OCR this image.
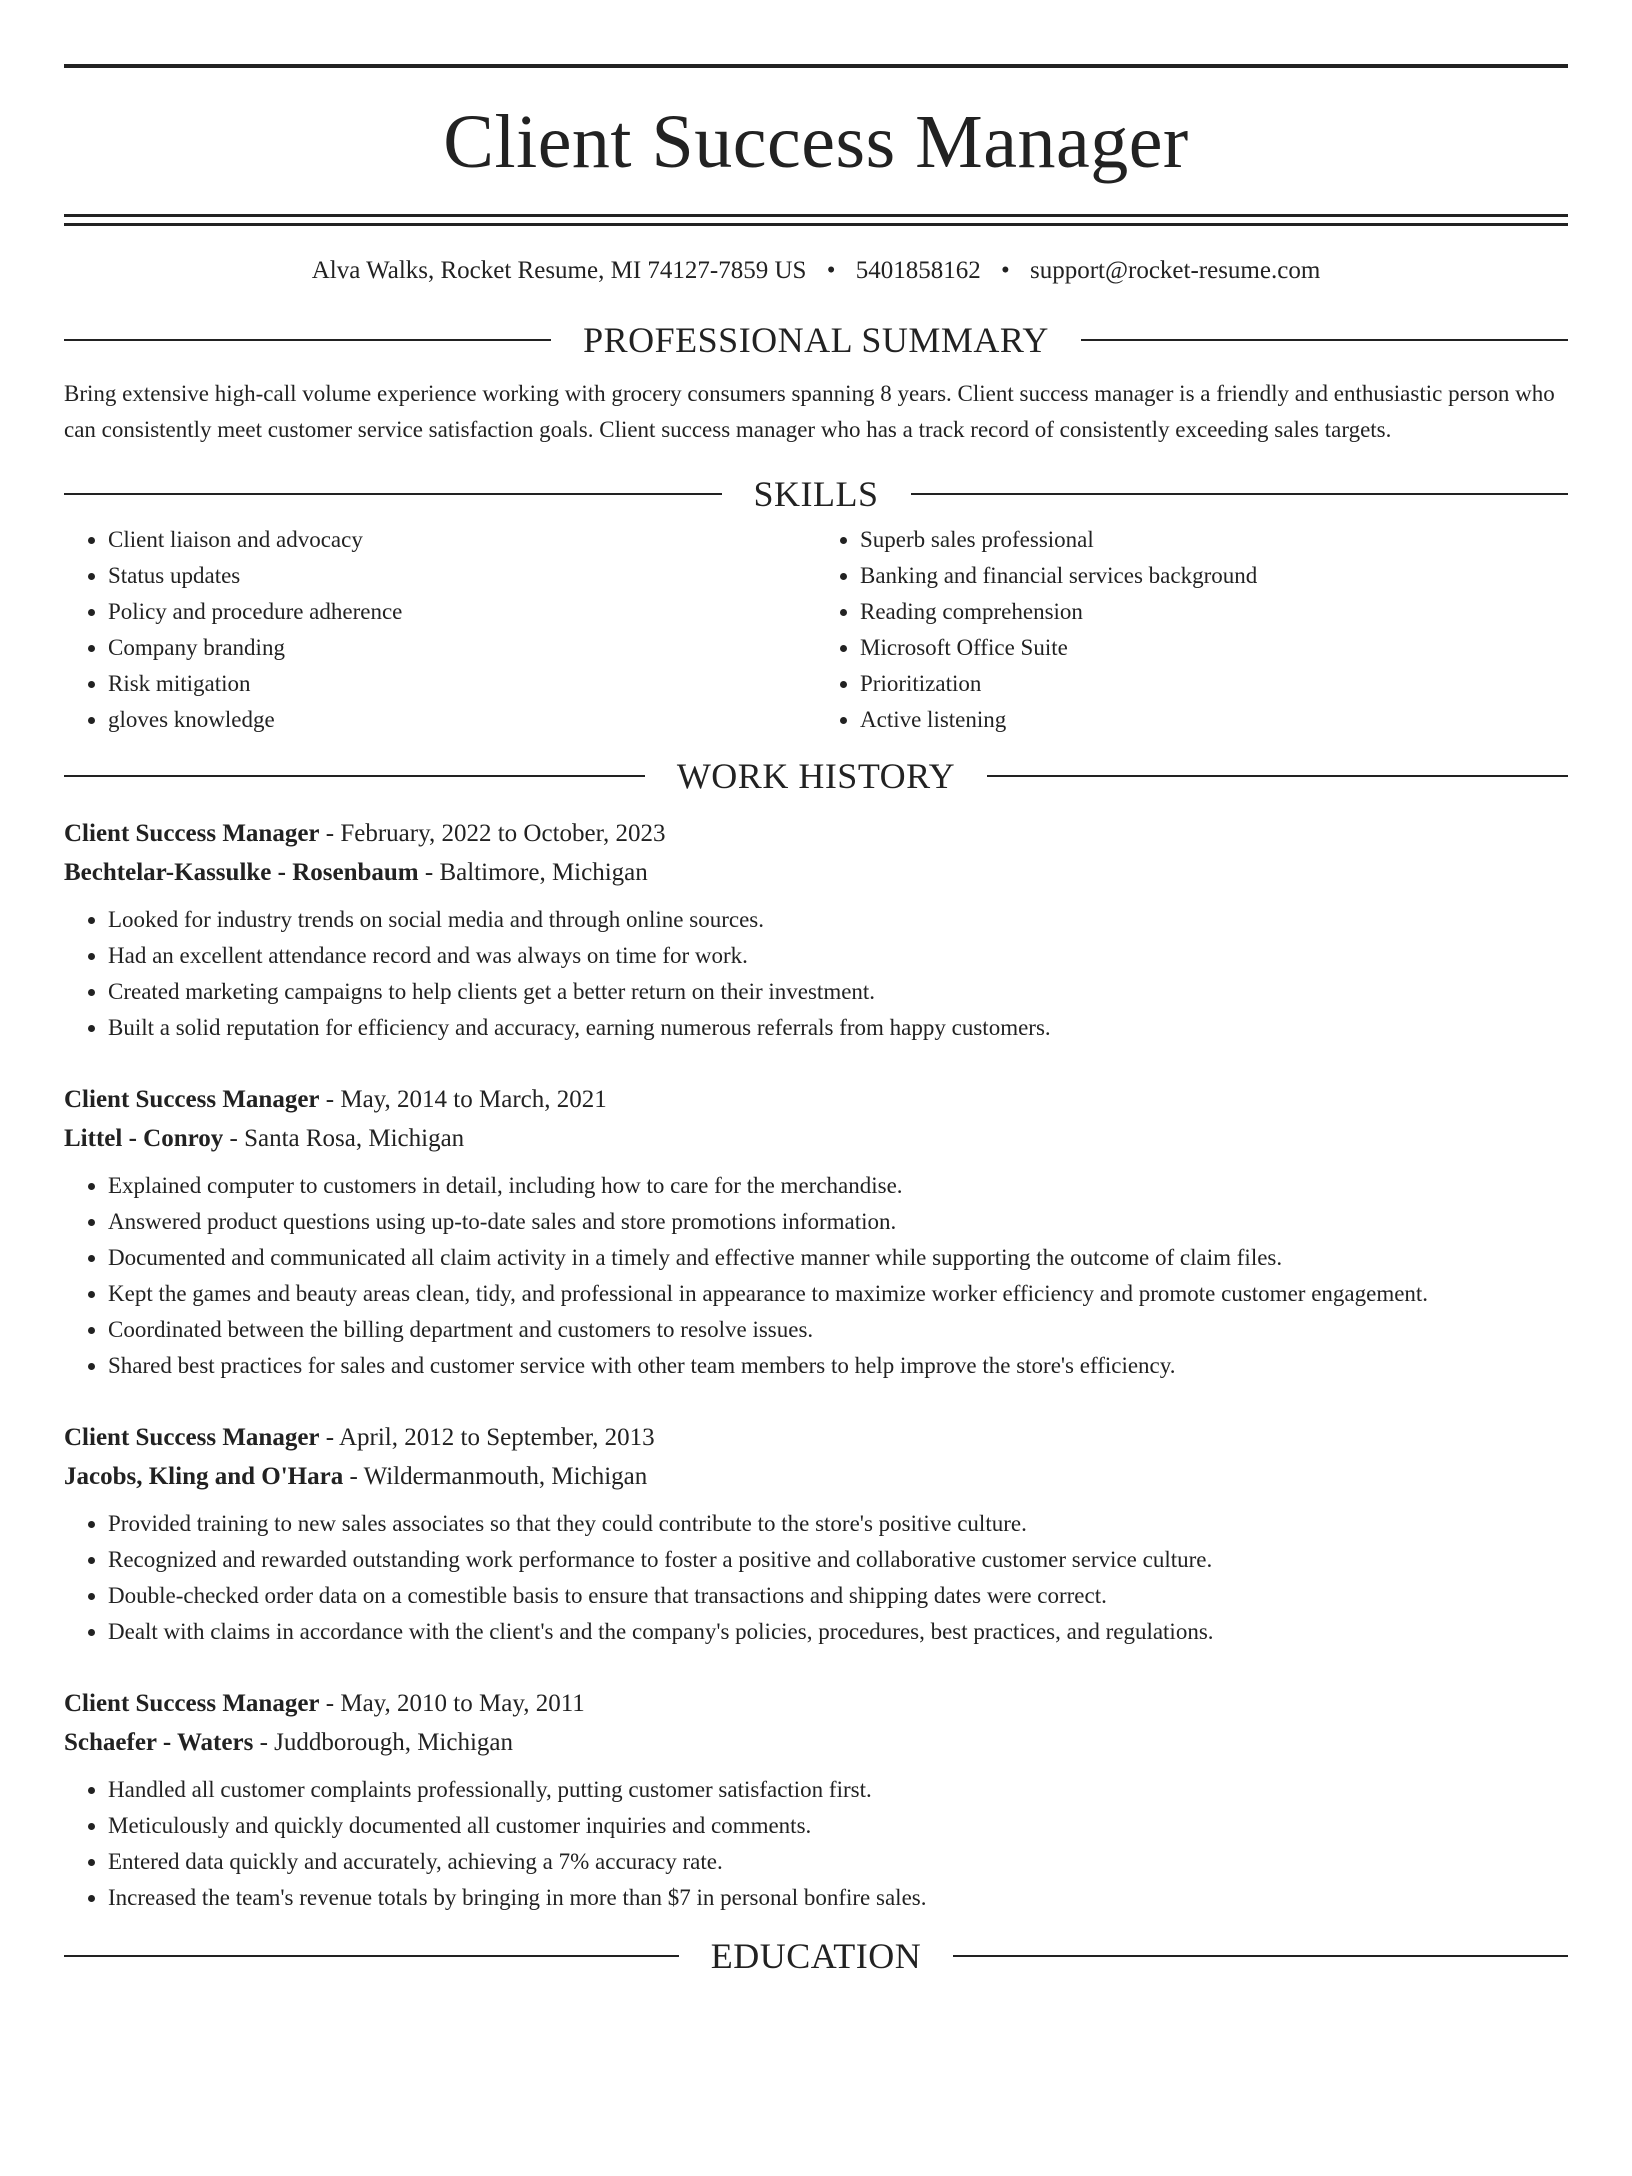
Client Success Manager
Alva Walks, Rocket Resume, MI 74127-7859 US • 5401858162 • support@rocket-resume.com
PROFESSIONAL SUMMARY

Bring extensive high-call volume experience working with grocery consumers spanning 8 years. Client success manager is a friendly and enthusiastic person who can consistently meet customer service satisfaction goals. Client success manager who has a track record of consistently exceeding sales targets.

SKILLS
• Client liaison and advocacy
• Status updates
• Policy and procedure adherence
• Company branding
• Risk mitigation
• gloves knowledge
• Superb sales professional
• Banking and financial services background
• Reading comprehension
• Microsoft Office Suite
• Prioritization
• Active listening
WORK HISTORY
Client Success Manager - February, 2022 to October, 2023
Bechtelar-Kassulke - Rosenbaum - Baltimore, Michigan
• Looked for industry trends on social media and through online sources.
• Had an excellent attendance record and was always on time for work.
• Created marketing campaigns to help clients get a better return on their investment.
• Built a solid reputation for efficiency and accuracy, earning numerous referrals from happy customers.
Client Success Manager - May, 2014 to March, 2021
Littel - Conroy - Santa Rosa, Michigan
• Explained computer to customers in detail, including how to care for the merchandise.
• Answered product questions using up-to-date sales and store promotions information.
• Documented and communicated all claim activity in a timely and effective manner while supporting the outcome of claim files.
• Kept the games and beauty areas clean, tidy, and professional in appearance to maximize worker efficiency and promote customer engagement.
• Coordinated between the billing department and customers to resolve issues.
• Shared best practices for sales and customer service with other team members to help improve the store's efficiency.
Client Success Manager - April, 2012 to September, 2013
Jacobs, Kling and O'Hara - Wildermanmouth, Michigan
• Provided training to new sales associates so that they could contribute to the store's positive culture.
• Recognized and rewarded outstanding work performance to foster a positive and collaborative customer service culture.
• Double-checked order data on a comestible basis to ensure that transactions and shipping dates were correct.
• Dealt with claims in accordance with the client's and the company's policies, procedures, best practices, and regulations.
Client Success Manager - May, 2010 to May, 2011
Schaefer - Waters - Juddborough, Michigan
• Handled all customer complaints professionally, putting customer satisfaction first.
• Meticulously and quickly documented all customer inquiries and comments.
• Entered data quickly and accurately, achieving a 7% accuracy rate.
• Increased the team's revenue totals by bringing in more than $7 in personal bonfire sales.
EDUCATION
